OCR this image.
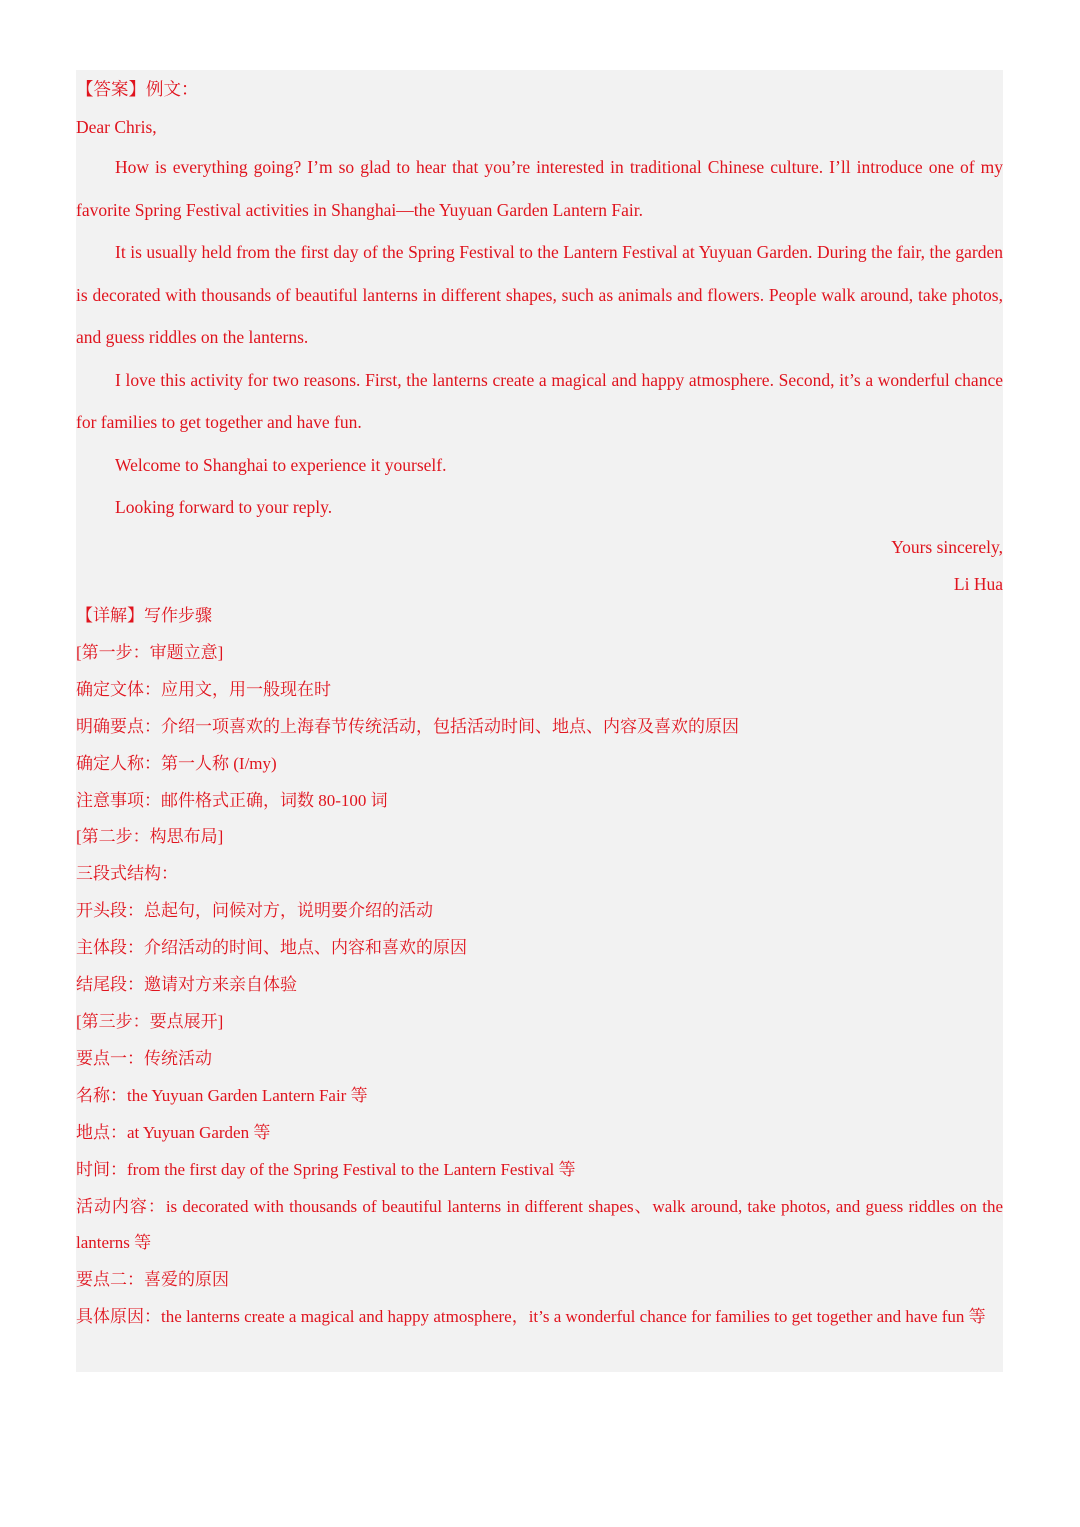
【答案】例文：

Dear Chris,

How is everything going? I’m so glad to hear that you’re interested in traditional Chinese culture. I’ll introduce one of my favorite Spring Festival activities in Shanghai—the Yuyuan Garden Lantern Fair.

It is usually held from the first day of the Spring Festival to the Lantern Festival at Yuyuan Garden. During the fair, the garden is decorated with thousands of beautiful lanterns in different shapes, such as animals and flowers. People walk around, take photos, and guess riddles on the lanterns.

I love this activity for two reasons. First, the lanterns create a magical and happy atmosphere. Second, it’s a wonderful chance for families to get together and have fun.

Welcome to Shanghai to experience it yourself.

Looking forward to your reply.

Yours sincerely,

Li Hua

【详解】写作步骤

[第一步：审题立意]

确定文体：应用文，用一般现在时

明确要点：介绍一项喜欢的上海春节传统活动，包括活动时间、地点、内容及喜欢的原因

确定人称：第一人称 (I/my)

注意事项：邮件格式正确，词数 80-100 词

[第二步：构思布局]

三段式结构：

开头段：总起句，问候对方，说明要介绍的活动

主体段：介绍活动的时间、地点、内容和喜欢的原因

结尾段：邀请对方来亲自体验

[第三步：要点展开]

要点一：传统活动

名称：the Yuyuan Garden Lantern Fair 等

地点：at Yuyuan Garden 等

时间：from the first day of the Spring Festival to the Lantern Festival 等

活动内容：is decorated with thousands of beautiful lanterns in different shapes、walk around, take photos, and guess riddles on the lanterns 等

要点二：喜爱的原因

具体原因：the lanterns create a magical and happy atmosphere，it’s a wonderful chance for families to get together and have fun 等
